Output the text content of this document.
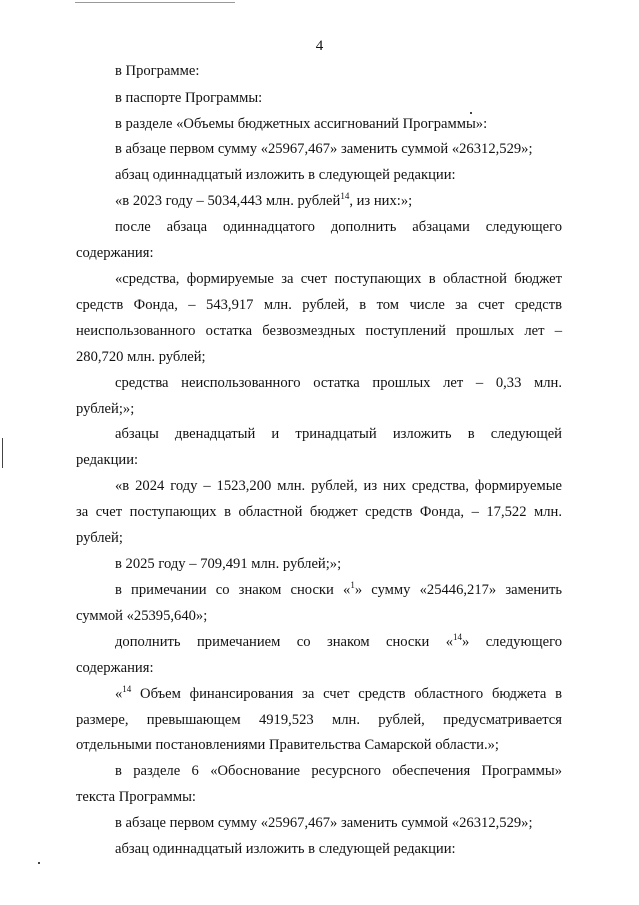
4
в Программе:
в паспорте Программы:
в разделе «Объемы бюджетных ассигнований Программы»:
в абзаце первом сумму «25967,467» заменить суммой «26312,529»;
абзац одиннадцатый изложить в следующей редакции:
«в 2023 году – 5034,443 млн. рублей$^{14}$, из них:»;
после абзаца одиннадцатого дополнить абзацами следующего
содержания:
«средства, формируемые за счет поступающих в областной бюджет
средств Фонда, – 543,917 млн. рублей, в том числе за счет средств
неиспользованного остатка безвозмездных поступлений прошлых лет –
280,720 млн. рублей;
средства неиспользованного остатка прошлых лет – 0,33 млн.
рублей;»;
абзацы двенадцатый и тринадцатый изложить в следующей
редакции:
«в 2024 году – 1523,200 млн. рублей, из них средства, формируемые
за счет поступающих в областной бюджет средств Фонда, – 17,522 млн.
рублей;
в 2025 году – 709,491 млн. рублей;»;
в примечании со знаком сноски «$^1$» сумму «25446,217» заменить
суммой «25395,640»;
дополнить примечанием со знаком сноски «$^{14}$» следующего
содержания:
«$^{14}$ Объем финансирования за счет средств областного бюджета в
размере, превышающем 4919,523 млн. рублей, предусматривается
отдельными постановлениями Правительства Самарской области.»;
в разделе 6 «Обоснование ресурсного обеспечения Программы»
текста Программы:
в абзаце первом сумму «25967,467» заменить суммой «26312,529»;
абзац одиннадцатый изложить в следующей редакции:
